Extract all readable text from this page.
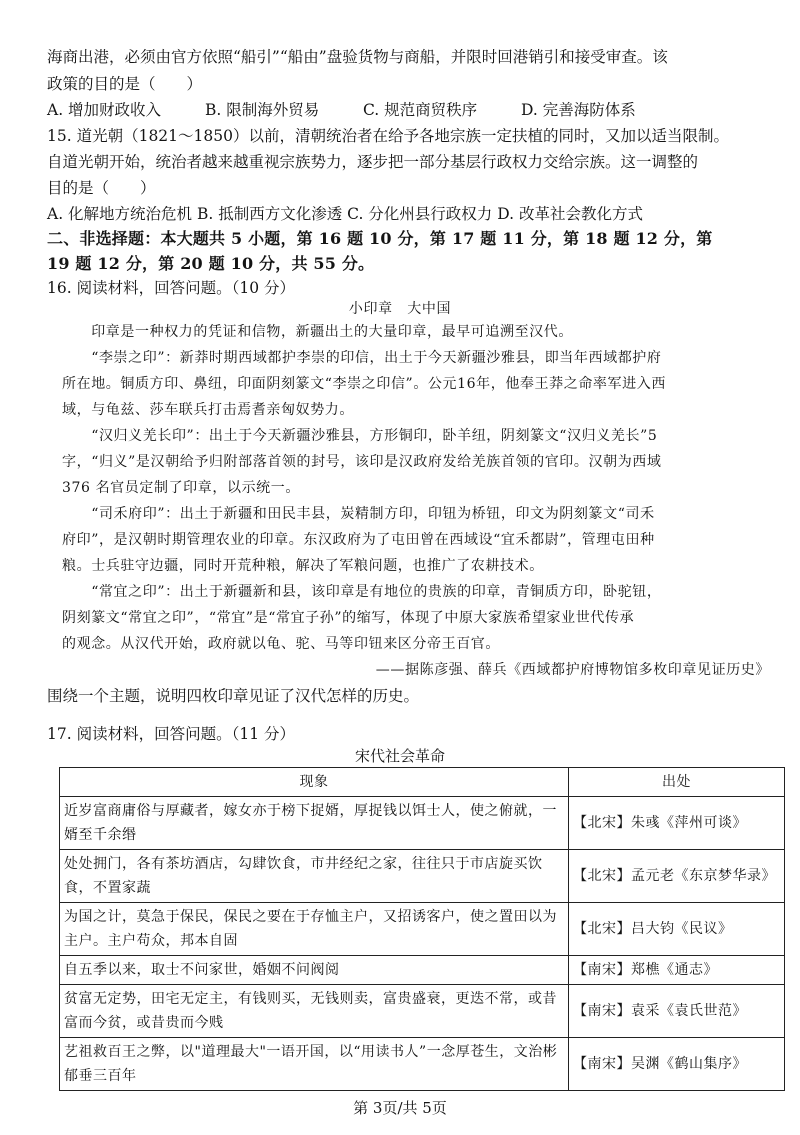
海商出港，必须由官方依照“船引”“船由”盘验货物与商船，并限时回港销引和接受审查。该
政策的目的是（　　）
A. 增加财政收入	B. 限制海外贸易	C. 规范商贸秩序	D. 完善海防体系
15. 道光朝（1821～1850）以前，清朝统治者在给予各地宗族一定扶植的同时，又加以适当限制。
自道光朝开始，统治者越来越重视宗族势力，逐步把一部分基层行政权力交给宗族。这一调整的
目的是（　　）
A. 化解地方统治危机 B. 抵制西方文化渗透 C. 分化州县行政权力 D. 改革社会教化方式
二、非选择题：本大题共 5 小题，第 16 题 10 分，第 17 题 11 分，第 18 题 12 分，第
19 题 12 分，第 20 题 10 分，共 55 分。
16. 阅读材料，回答问题。（10 分）
小印章　大中国
　　印章是一种权力的凭证和信物，新疆出土的大量印章，最早可追溯至汉代。
　　“李崇之印”：新莽时期西域都护李崇的印信，出土于今天新疆沙雅县，即当年西域都护府
所在地。铜质方印、鼻纽，印面阴刻篆文“李崇之印信”。公元16年，他奉王莽之命率军进入西
域，与龟兹、莎车联兵打击焉耆亲匈奴势力。
　　“汉归义羌长印”：出土于今天新疆沙雅县，方形铜印，卧羊纽，阴刻篆文“汉归义羌长”5
字，“归义”是汉朝给予归附部落首领的封号，该印是汉政府发给羌族首领的官印。汉朝为西域
376 名官员定制了印章，以示统一。
　　“司禾府印”：出土于新疆和田民丰县，炭精制方印，印钮为桥钮，印文为阴刻篆文“司禾
府印”，是汉朝时期管理农业的印章。东汉政府为了屯田曾在西域设“宜禾都尉”，管理屯田种
粮。士兵驻守边疆，同时开荒种粮，解决了军粮问题，也推广了农耕技术。
　　“常宜之印”：出土于新疆新和县，该印章是有地位的贵族的印章，青铜质方印，卧驼钮，
阴刻篆文“常宜之印”，“常宜”是“常宜子孙”的缩写，体现了中原大家族希望家业世代传承
的观念。从汉代开始，政府就以龟、驼、马等印钮来区分帝王百官。
——据陈彦强、薛兵《西域都护府博物馆多枚印章见证历史》
围绕一个主题，说明四枚印章见证了汉代怎样的历史。
17. 阅读材料，回答问题。（11 分）
宋代社会革命
现象	出处
近岁富商庸俗与厚藏者，嫁女亦于榜下捉婿，厚捉钱以饵士人，使之俯就，一婿至千余缗	【北宋】朱彧《萍州可谈》
处处拥门，各有茶坊酒店，勾肆饮食，市井经纪之家，往往只于市店旋买饮食，不置家蔬	【北宋】孟元老《东京梦华录》
为国之计，莫急于保民，保民之要在于存恤主户，又招诱客户，使之置田以为主户。主户苟众，邦本自固	【北宋】吕大钧《民议》
自五季以来，取士不问家世，婚姻不问阀阅	【南宋】郑樵《通志》
贫富无定势，田宅无定主，有钱则买，无钱则卖，富贵盛衰，更迭不常，或昔富而今贫，或昔贵而今贱	【南宋】袁采《袁氏世范》
艺祖救百王之弊，以"道理最大"一语开国，以“用读书人”一念厚苍生，文治彬郁垂三百年	【南宋】吴渊《鹤山集序》
第 3页/共 5页
